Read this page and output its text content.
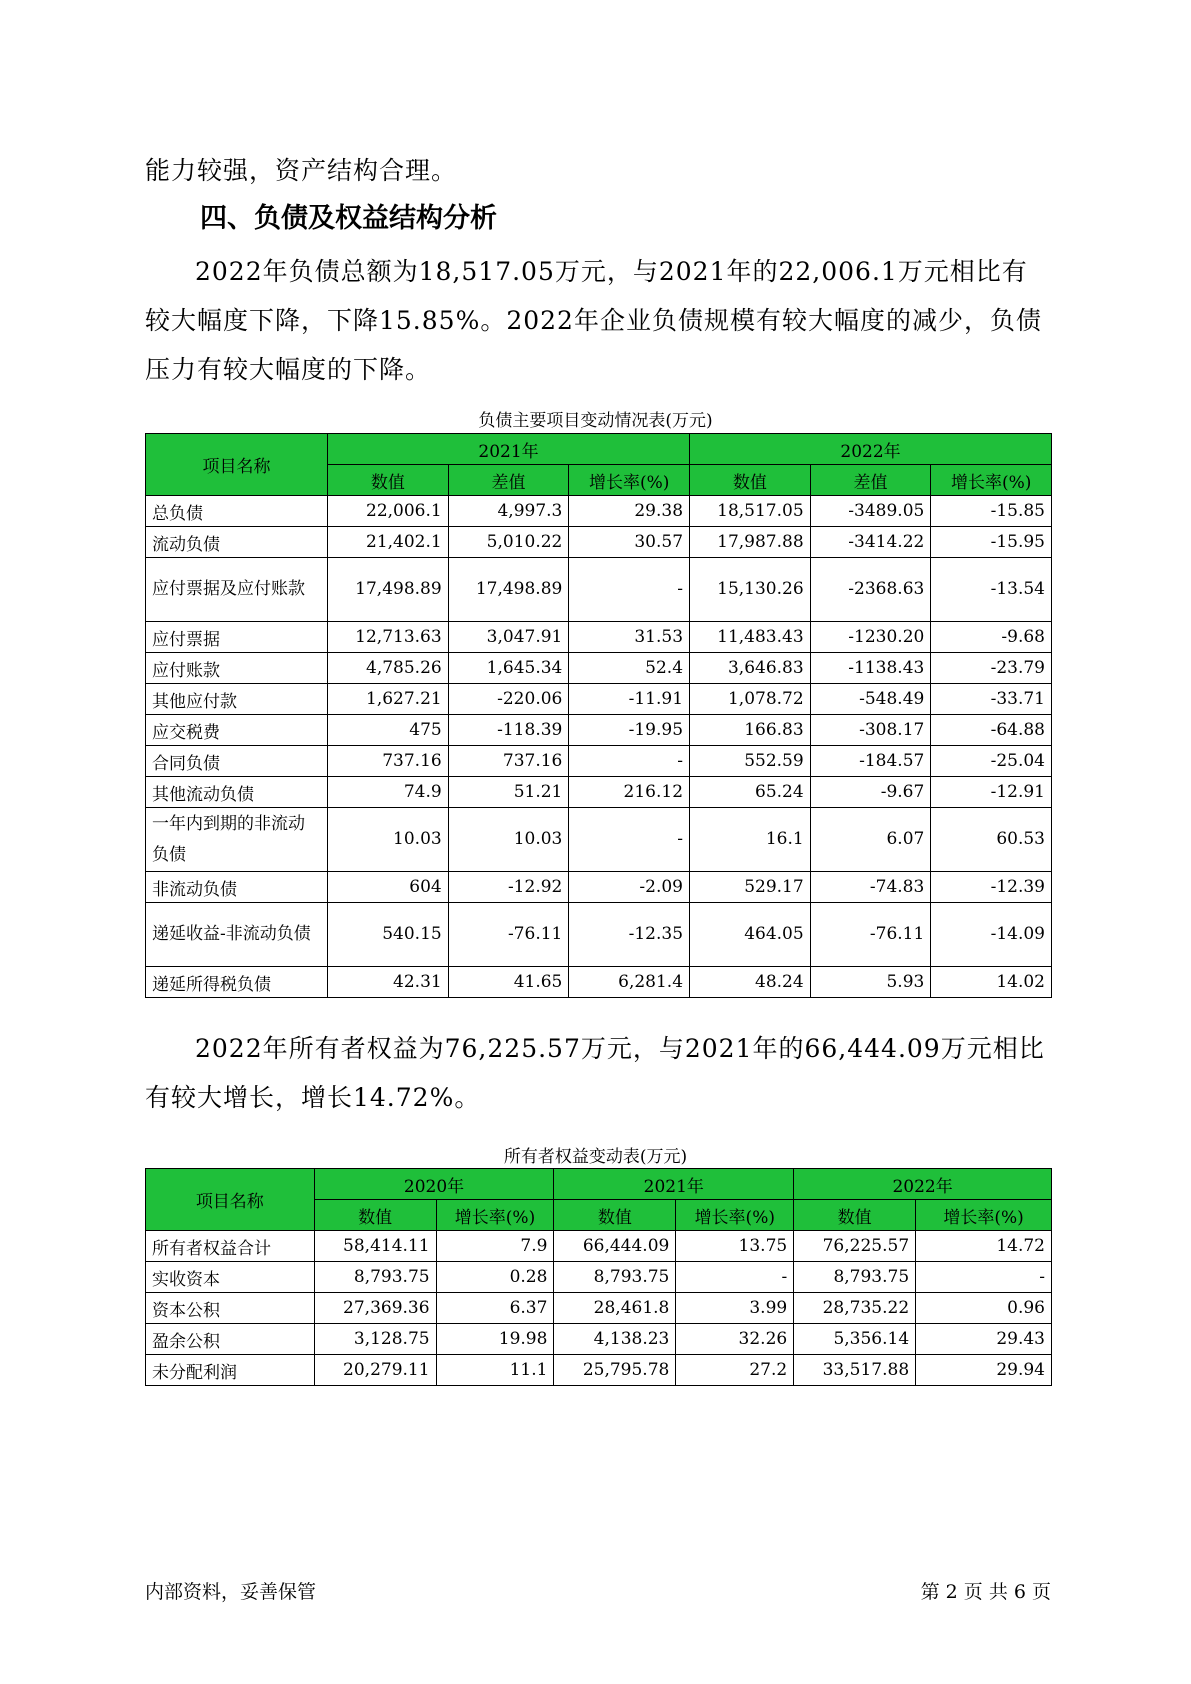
能力较强，资产结构合理。

四、负债及权益结构分析

2022年负债总额为18,517.05万元，与2021年的22,006.1万元相比有较大幅度下降，下降15.85%。2022年企业负债规模有较大幅度的减少，负债压力有较大幅度的下降。

负债主要项目变动情况表(万元)
项目名称	2021年			2022年		
	数值	差值	增长率(%)	数值	差值	增长率(%)
总负债	22,006.1	4,997.3	29.38	18,517.05	-3489.05	-15.85
流动负债	21,402.1	5,010.22	30.57	17,987.88	-3414.22	-15.95
应付票据及应付账款	17,498.89	17,498.89	-	15,130.26	-2368.63	-13.54
应付票据	12,713.63	3,047.91	31.53	11,483.43	-1230.20	-9.68
应付账款	4,785.26	1,645.34	52.4	3,646.83	-1138.43	-23.79
其他应付款	1,627.21	-220.06	-11.91	1,078.72	-548.49	-33.71
应交税费	475	-118.39	-19.95	166.83	-308.17	-64.88
合同负债	737.16	737.16	-	552.59	-184.57	-25.04
其他流动负债	74.9	51.21	216.12	65.24	-9.67	-12.91
一年内到期的非流动负债	10.03	10.03	-	16.1	6.07	60.53
非流动负债	604	-12.92	-2.09	529.17	-74.83	-12.39
递延收益-非流动负债	540.15	-76.11	-12.35	464.05	-76.11	-14.09
递延所得税负债	42.31	41.65	6,281.4	48.24	5.93	14.02

2022年所有者权益为76,225.57万元，与2021年的66,444.09万元相比有较大增长，增长14.72%。

所有者权益变动表(万元)
项目名称	2020年		2021年		2022年	
	数值	增长率(%)	数值	增长率(%)	数值	增长率(%)
所有者权益合计	58,414.11	7.9	66,444.09	13.75	76,225.57	14.72
实收资本	8,793.75	0.28	8,793.75	-	8,793.75	-
资本公积	27,369.36	6.37	28,461.8	3.99	28,735.22	0.96
盈余公积	3,128.75	19.98	4,138.23	32.26	5,356.14	29.43
未分配利润	20,279.11	11.1	25,795.78	27.2	33,517.88	29.94
内部资料，妥善保管	第 2 页 共 6 页
